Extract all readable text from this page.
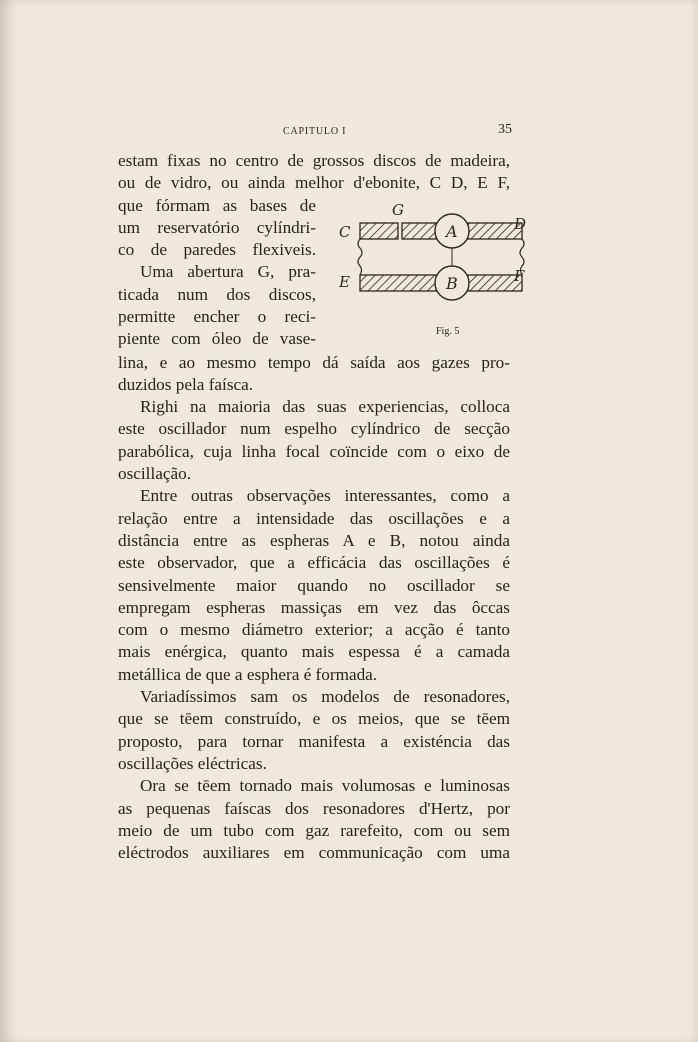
CAPITULO I	35

estam fixas no centro de grossos discos de madeira,
ou de vidro, ou ainda melhor d'ebonite, C D, E F,

que fórmam as bases de
um reservatório cylíndri-
co de paredes flexiveis.
Uma abertura G, pra-
ticada num dos discos,
permitte encher o reci-
piente com óleo de vase-
G
C	D
A
E	F
B
Fig. 5

lina, e ao mesmo tempo dá saída aos gazes pro-
duzidos pela faísca.

Righi na maioria das suas experiencias, colloca
este oscillador num espelho cylíndrico de secção
parabólica, cuja linha focal coïncide com o eixo de
oscillação.

Entre outras observações interessantes, como a
relação entre a intensidade das oscillações e a
distância entre as espheras A e B, notou ainda
este observador, que a efficácia das oscillações é
sensivelmente maior quando no oscillador se
empregam espheras massiças em vez das ôccas
com o mesmo diámetro exterior; a acção é tanto
mais enérgica, quanto mais espessa é a camada
metállica de que a esphera é formada.

Variadíssimos sam os modelos de resonadores,
que se tēem construído, e os meios, que se tēem
proposto, para tornar manifesta a existéncia das
oscillações eléctricas.

Ora se tēem tornado mais volumosas e luminosas
as pequenas faíscas dos resonadores d'Hertz, por
meio de um tubo com gaz rarefeito, com ou sem
eléctrodos auxiliares em communicação com uma
